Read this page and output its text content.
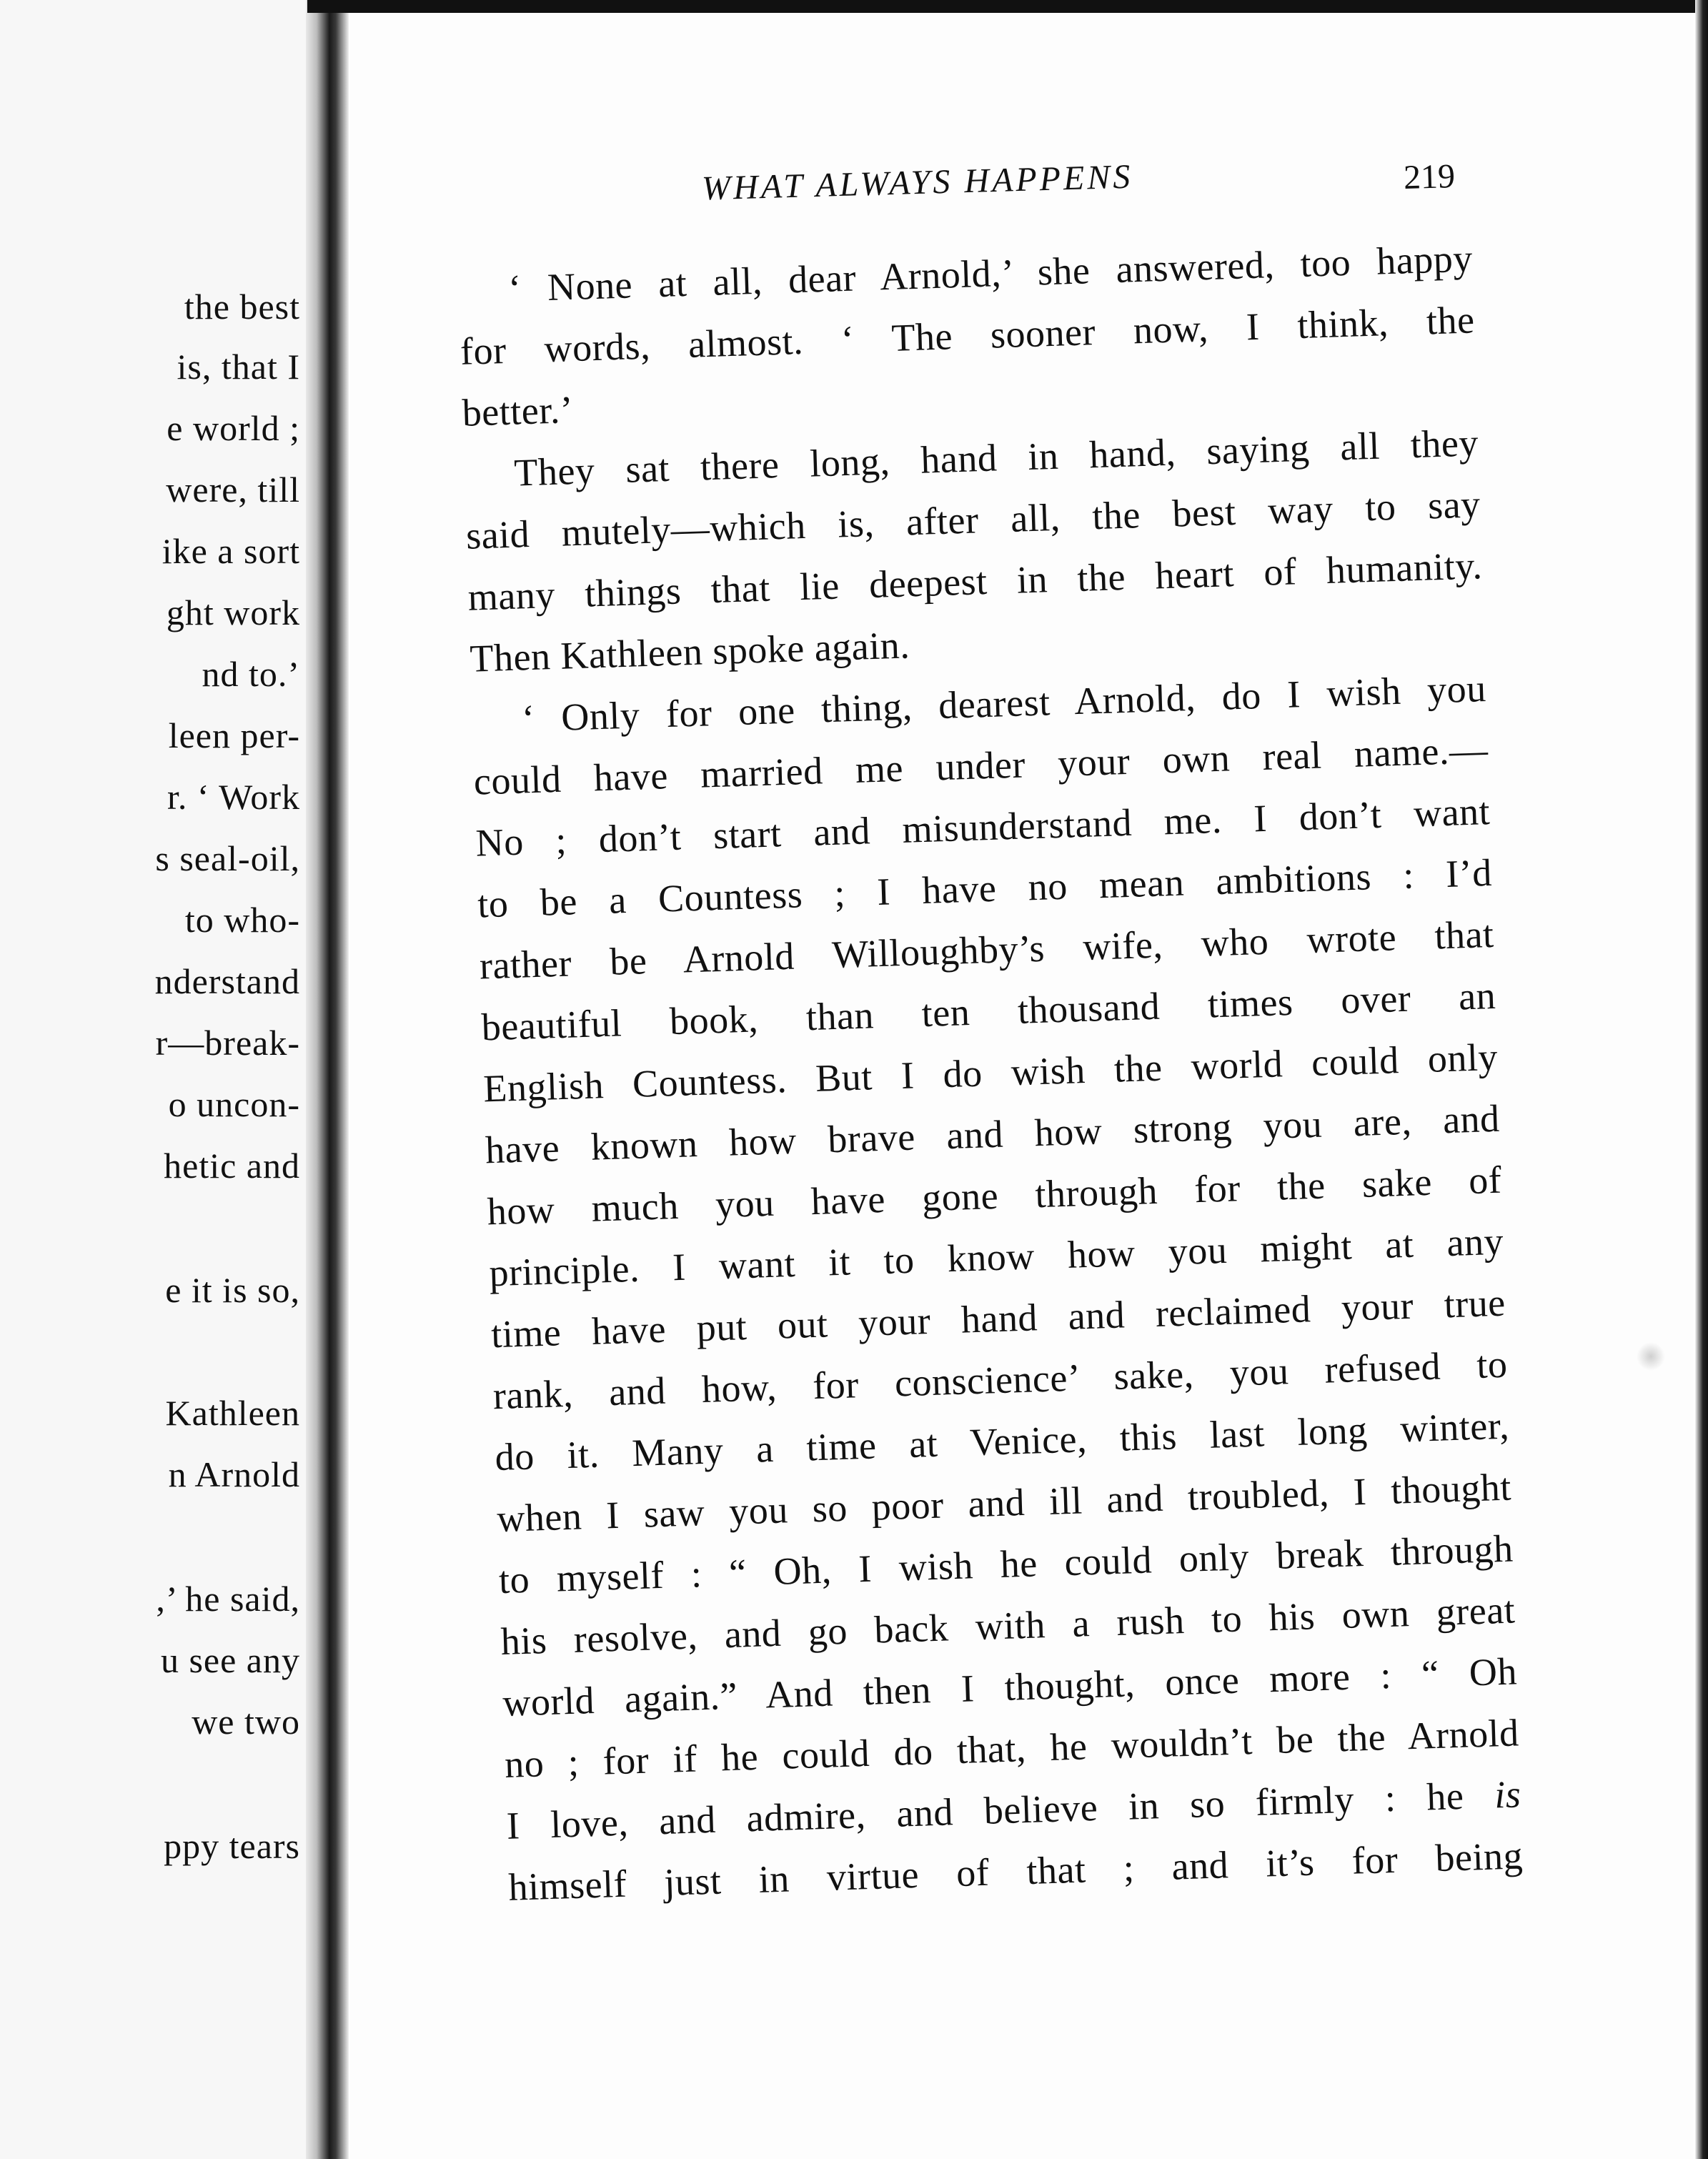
the best
is, that I
e world ;
were, till
ike a sort
ght work
nd to.’
leen per-
r. ‘ Work
s seal-oil,
to who-
nderstand
r—break-
o uncon-
hetic and
e it is so,
Kathleen
n Arnold
,’ he said,
u see any
we two
ppy tears
WHAT ALWAYS HAPPENS	219
‘ None at all, dear Arnold,’ she answered, too happy
for words, almost. ‘ The sooner now, I think, the
better.’
They sat there long, hand in hand, saying all they
said mutely—which is, after all, the best way to say
many things that lie deepest in the heart of humanity.
Then Kathleen spoke again.
‘ Only for one thing, dearest Arnold, do I wish you
could have married me under your own real name.—
No ; don’t start and misunderstand me. I don’t want
to be a Countess ; I have no mean ambitions : I’d
rather be Arnold Willoughby’s wife, who wrote that
beautiful book, than ten thousand times over an
English Countess. But I do wish the world could only
have known how brave and how strong you are, and
how much you have gone through for the sake of
principle. I want it to know how you might at any
time have put out your hand and reclaimed your true
rank, and how, for conscience’ sake, you refused to
do it. Many a time at Venice, this last long winter,
when I saw you so poor and ill and troubled, I thought
to myself : “ Oh, I wish he could only break through
his resolve, and go back with a rush to his own great
world again.” And then I thought, once more : “ Oh
no ; for if he could do that, he wouldn’t be the Arnold
I love, and admire, and believe in so firmly : he is
himself just in virtue of that ; and it’s for being
